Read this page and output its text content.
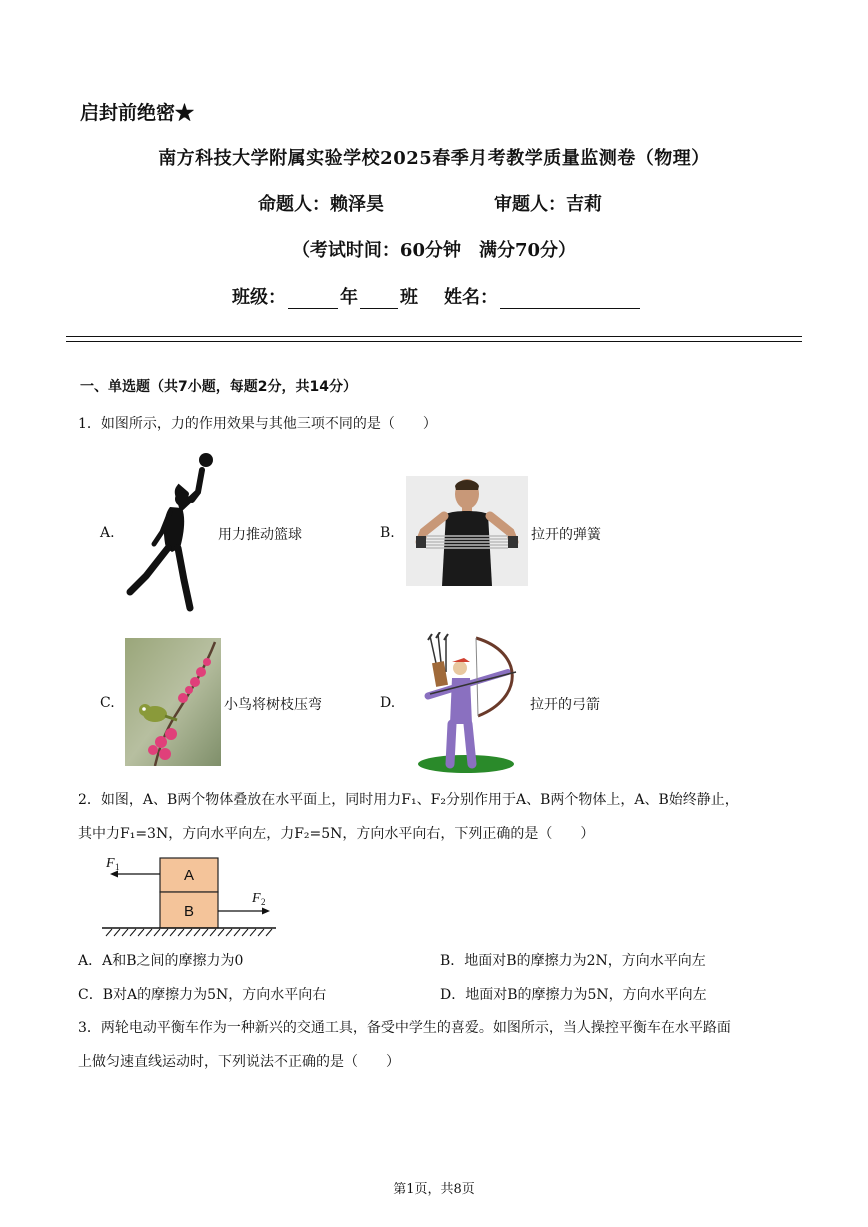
启封前绝密★
南方科技大学附属实验学校2025春季月考教学质量监测卷（物理）
命题人：赖泽昊	审题人：吉莉
（考试时间：60分钟　满分70分）
班级：	年 班 姓名：
一、单选题（共7小题，每题2分，共14分）
1．如图所示，力的作用效果与其他三项不同的是（　　）
A.	用力推动篮球	B.	拉开的弹簧
C.	小鸟将树枝压弯	D.	拉开的弓箭
2．如图，A、B两个物体叠放在水平面上，同时用力F₁、F₂分别作用于A、B两个物体上，A、B始终静止，
其中力F₁=3N，方向水平向左，力F₂=5N，方向水平向右，下列正确的是（　　）
A
B
F 1
F 2
A．A和B之间的摩擦力为0	B．地面对B的摩擦力为2N，方向水平向左
C．B对A的摩擦力为5N，方向水平向右	D．地面对B的摩擦力为5N，方向水平向左
3．两轮电动平衡车作为一种新兴的交通工具，备受中学生的喜爱。如图所示，当人操控平衡车在水平路面
上做匀速直线运动时，下列说法不正确的是（　　）
第1页，共8页
